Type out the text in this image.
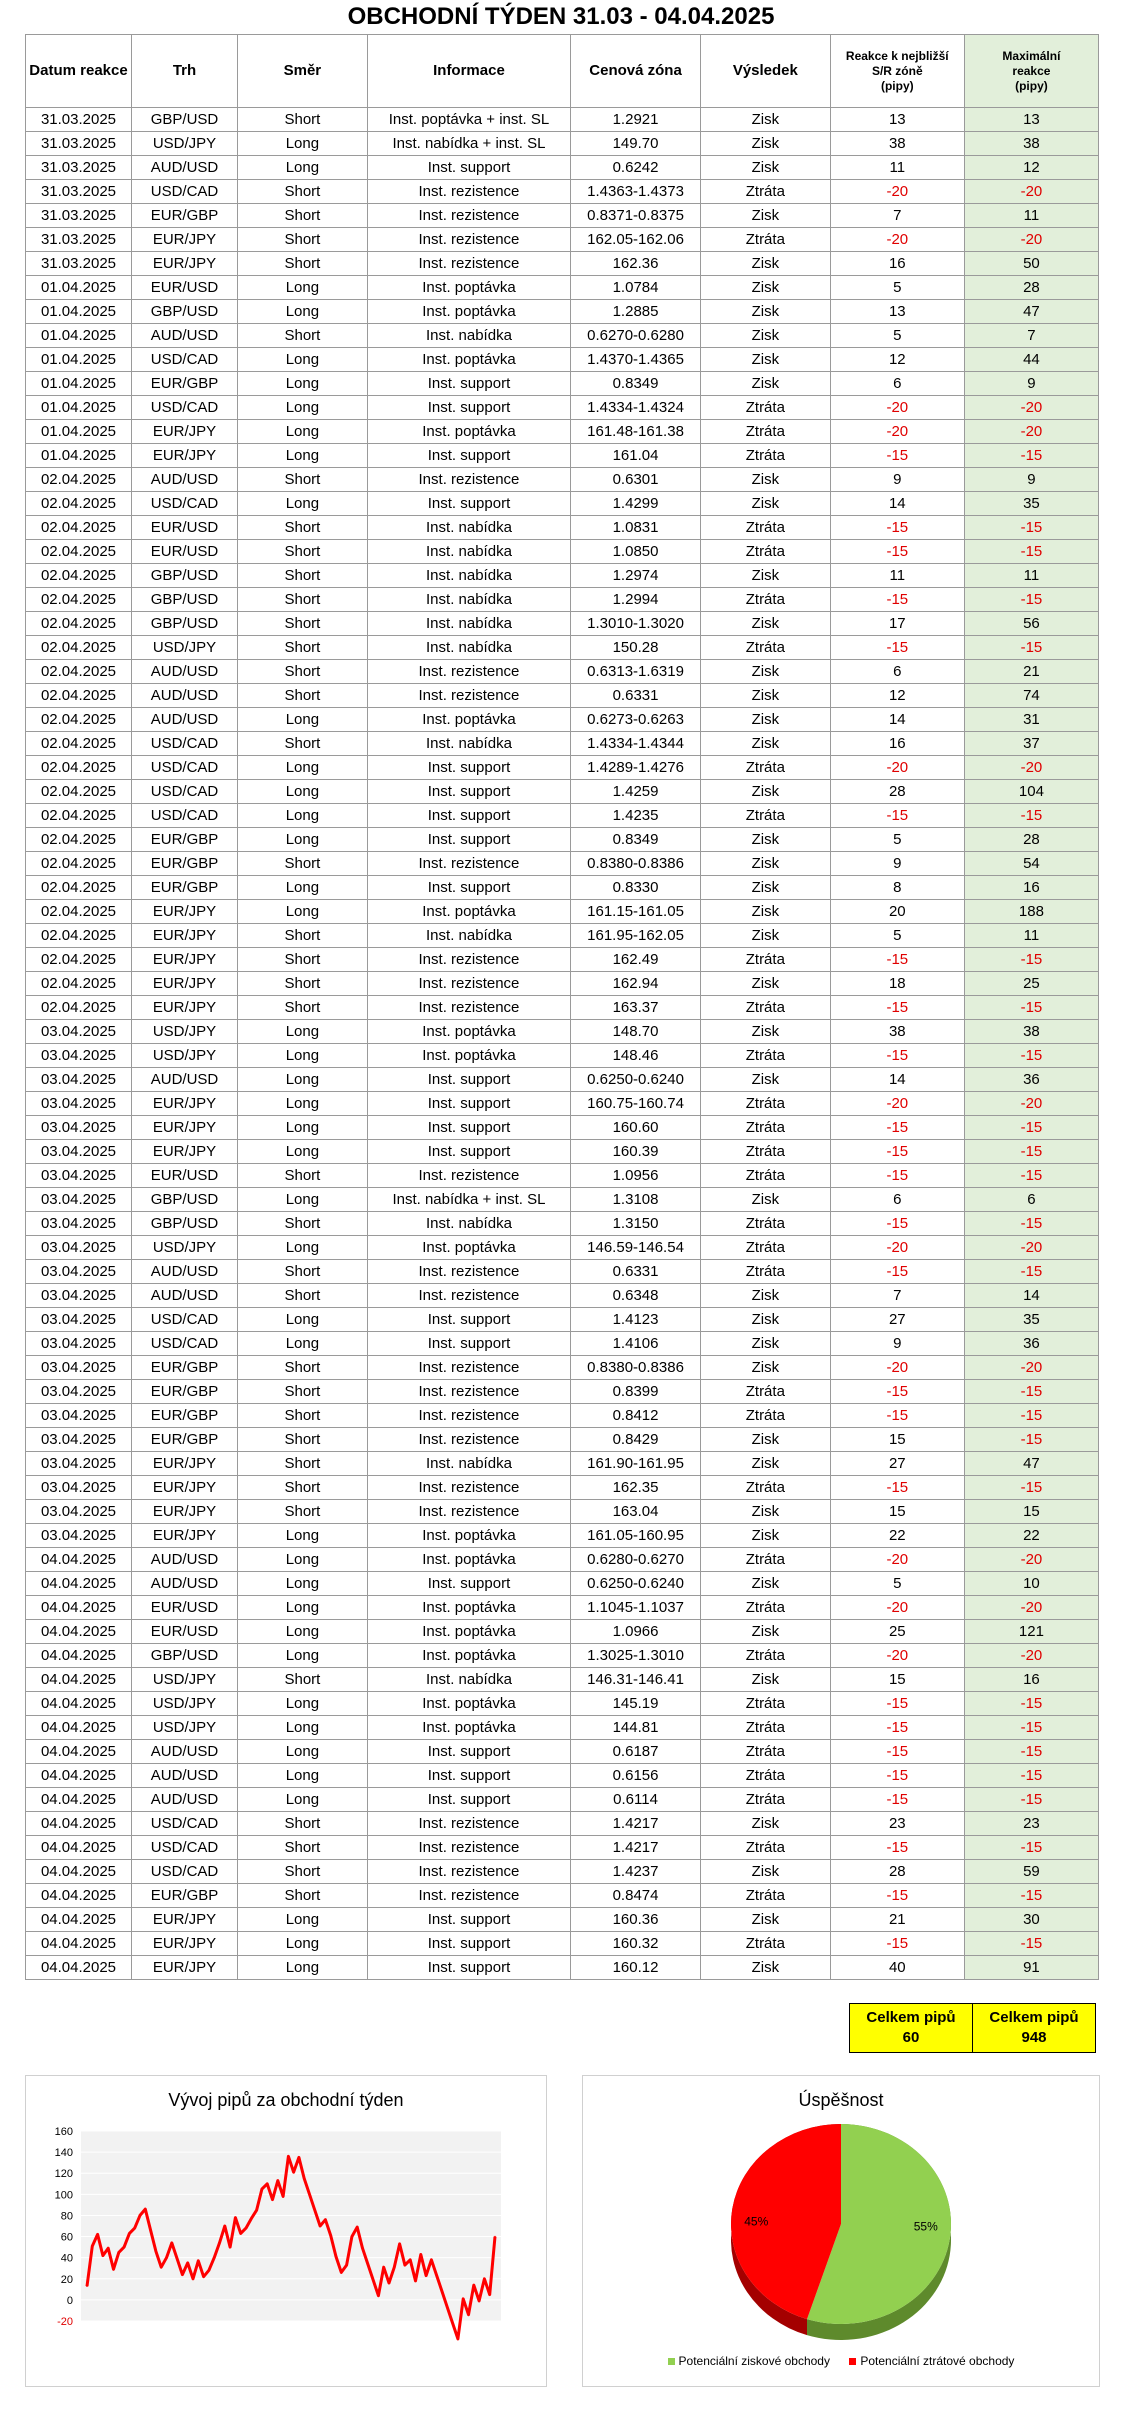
OBCHODNÍ TÝDEN 31.03 - 04.04.2025
Datum reakce	Trh	Směr	Informace	Cenová zóna	Výsledek	Reakce k nejbližší
S/R zóně
(pipy)	Maximální
reakce
(pipy)

31.03.2025	GBP/USD	Short	Inst. poptávka + inst. SL	1.2921	Zisk	13	13
31.03.2025	USD/JPY	Long	Inst. nabídka + inst. SL	149.70	Zisk	38	38
31.03.2025	AUD/USD	Long	Inst. support	0.6242	Zisk	11	12
31.03.2025	USD/CAD	Short	Inst. rezistence	1.4363-1.4373	Ztráta	-20	-20
31.03.2025	EUR/GBP	Short	Inst. rezistence	0.8371-0.8375	Zisk	7	11
31.03.2025	EUR/JPY	Short	Inst. rezistence	162.05-162.06	Ztráta	-20	-20
31.03.2025	EUR/JPY	Short	Inst. rezistence	162.36	Zisk	16	50
01.04.2025	EUR/USD	Long	Inst. poptávka	1.0784	Zisk	5	28
01.04.2025	GBP/USD	Long	Inst. poptávka	1.2885	Zisk	13	47
01.04.2025	AUD/USD	Short	Inst. nabídka	0.6270-0.6280	Zisk	5	7
01.04.2025	USD/CAD	Long	Inst. poptávka	1.4370-1.4365	Zisk	12	44
01.04.2025	EUR/GBP	Long	Inst. support	0.8349	Zisk	6	9
01.04.2025	USD/CAD	Long	Inst. support	1.4334-1.4324	Ztráta	-20	-20
01.04.2025	EUR/JPY	Long	Inst. poptávka	161.48-161.38	Ztráta	-20	-20
01.04.2025	EUR/JPY	Long	Inst. support	161.04	Ztráta	-15	-15
02.04.2025	AUD/USD	Short	Inst. rezistence	0.6301	Zisk	9	9
02.04.2025	USD/CAD	Long	Inst. support	1.4299	Zisk	14	35
02.04.2025	EUR/USD	Short	Inst. nabídka	1.0831	Ztráta	-15	-15
02.04.2025	EUR/USD	Short	Inst. nabídka	1.0850	Ztráta	-15	-15
02.04.2025	GBP/USD	Short	Inst. nabídka	1.2974	Zisk	11	11
02.04.2025	GBP/USD	Short	Inst. nabídka	1.2994	Ztráta	-15	-15
02.04.2025	GBP/USD	Short	Inst. nabídka	1.3010-1.3020	Zisk	17	56
02.04.2025	USD/JPY	Short	Inst. nabídka	150.28	Ztráta	-15	-15
02.04.2025	AUD/USD	Short	Inst. rezistence	0.6313-1.6319	Zisk	6	21
02.04.2025	AUD/USD	Short	Inst. rezistence	0.6331	Zisk	12	74
02.04.2025	AUD/USD	Long	Inst. poptávka	0.6273-0.6263	Zisk	14	31
02.04.2025	USD/CAD	Short	Inst. nabídka	1.4334-1.4344	Zisk	16	37
02.04.2025	USD/CAD	Long	Inst. support	1.4289-1.4276	Ztráta	-20	-20
02.04.2025	USD/CAD	Long	Inst. support	1.4259	Zisk	28	104
02.04.2025	USD/CAD	Long	Inst. support	1.4235	Ztráta	-15	-15
02.04.2025	EUR/GBP	Long	Inst. support	0.8349	Zisk	5	28
02.04.2025	EUR/GBP	Short	Inst. rezistence	0.8380-0.8386	Zisk	9	54
02.04.2025	EUR/GBP	Long	Inst. support	0.8330	Zisk	8	16
02.04.2025	EUR/JPY	Long	Inst. poptávka	161.15-161.05	Zisk	20	188
02.04.2025	EUR/JPY	Short	Inst. nabídka	161.95-162.05	Zisk	5	11
02.04.2025	EUR/JPY	Short	Inst. rezistence	162.49	Ztráta	-15	-15
02.04.2025	EUR/JPY	Short	Inst. rezistence	162.94	Zisk	18	25
02.04.2025	EUR/JPY	Short	Inst. rezistence	163.37	Ztráta	-15	-15
03.04.2025	USD/JPY	Long	Inst. poptávka	148.70	Zisk	38	38
03.04.2025	USD/JPY	Long	Inst. poptávka	148.46	Ztráta	-15	-15
03.04.2025	AUD/USD	Long	Inst. support	0.6250-0.6240	Zisk	14	36
03.04.2025	EUR/JPY	Long	Inst. support	160.75-160.74	Ztráta	-20	-20
03.04.2025	EUR/JPY	Long	Inst. support	160.60	Ztráta	-15	-15
03.04.2025	EUR/JPY	Long	Inst. support	160.39	Ztráta	-15	-15
03.04.2025	EUR/USD	Short	Inst. rezistence	1.0956	Ztráta	-15	-15
03.04.2025	GBP/USD	Long	Inst. nabídka + inst. SL	1.3108	Zisk	6	6
03.04.2025	GBP/USD	Short	Inst. nabídka	1.3150	Ztráta	-15	-15
03.04.2025	USD/JPY	Long	Inst. poptávka	146.59-146.54	Ztráta	-20	-20
03.04.2025	AUD/USD	Short	Inst. rezistence	0.6331	Ztráta	-15	-15
03.04.2025	AUD/USD	Short	Inst. rezistence	0.6348	Zisk	7	14
03.04.2025	USD/CAD	Long	Inst. support	1.4123	Zisk	27	35
03.04.2025	USD/CAD	Long	Inst. support	1.4106	Zisk	9	36
03.04.2025	EUR/GBP	Short	Inst. rezistence	0.8380-0.8386	Zisk	-20	-20
03.04.2025	EUR/GBP	Short	Inst. rezistence	0.8399	Ztráta	-15	-15
03.04.2025	EUR/GBP	Short	Inst. rezistence	0.8412	Ztráta	-15	-15
03.04.2025	EUR/GBP	Short	Inst. rezistence	0.8429	Zisk	15	-15
03.04.2025	EUR/JPY	Short	Inst. nabídka	161.90-161.95	Zisk	27	47
03.04.2025	EUR/JPY	Short	Inst. rezistence	162.35	Ztráta	-15	-15
03.04.2025	EUR/JPY	Short	Inst. rezistence	163.04	Zisk	15	15
03.04.2025	EUR/JPY	Long	Inst. poptávka	161.05-160.95	Zisk	22	22
04.04.2025	AUD/USD	Long	Inst. poptávka	0.6280-0.6270	Ztráta	-20	-20
04.04.2025	AUD/USD	Long	Inst. support	0.6250-0.6240	Zisk	5	10
04.04.2025	EUR/USD	Long	Inst. poptávka	1.1045-1.1037	Ztráta	-20	-20
04.04.2025	EUR/USD	Long	Inst. poptávka	1.0966	Zisk	25	121
04.04.2025	GBP/USD	Long	Inst. poptávka	1.3025-1.3010	Ztráta	-20	-20
04.04.2025	USD/JPY	Short	Inst. nabídka	146.31-146.41	Zisk	15	16
04.04.2025	USD/JPY	Long	Inst. poptávka	145.19	Ztráta	-15	-15
04.04.2025	USD/JPY	Long	Inst. poptávka	144.81	Ztráta	-15	-15
04.04.2025	AUD/USD	Long	Inst. support	0.6187	Ztráta	-15	-15
04.04.2025	AUD/USD	Long	Inst. support	0.6156	Ztráta	-15	-15
04.04.2025	AUD/USD	Long	Inst. support	0.6114	Ztráta	-15	-15
04.04.2025	USD/CAD	Short	Inst. rezistence	1.4217	Zisk	23	23
04.04.2025	USD/CAD	Short	Inst. rezistence	1.4217	Ztráta	-15	-15
04.04.2025	USD/CAD	Short	Inst. rezistence	1.4237	Zisk	28	59
04.04.2025	EUR/GBP	Short	Inst. rezistence	0.8474	Ztráta	-15	-15
04.04.2025	EUR/JPY	Long	Inst. support	160.36	Zisk	21	30
04.04.2025	EUR/JPY	Long	Inst. support	160.32	Ztráta	-15	-15
04.04.2025	EUR/JPY	Long	Inst. support	160.12	Zisk	40	91
Celkem pipů
60

Celkem pipů
948
Vývoj pipů za obchodní týden
-20
0
20
40
60
80
100
120
140
160
Úspěšnost
55%
45%
Potenciální ziskové obchody	Potenciální ztrátové obchody
